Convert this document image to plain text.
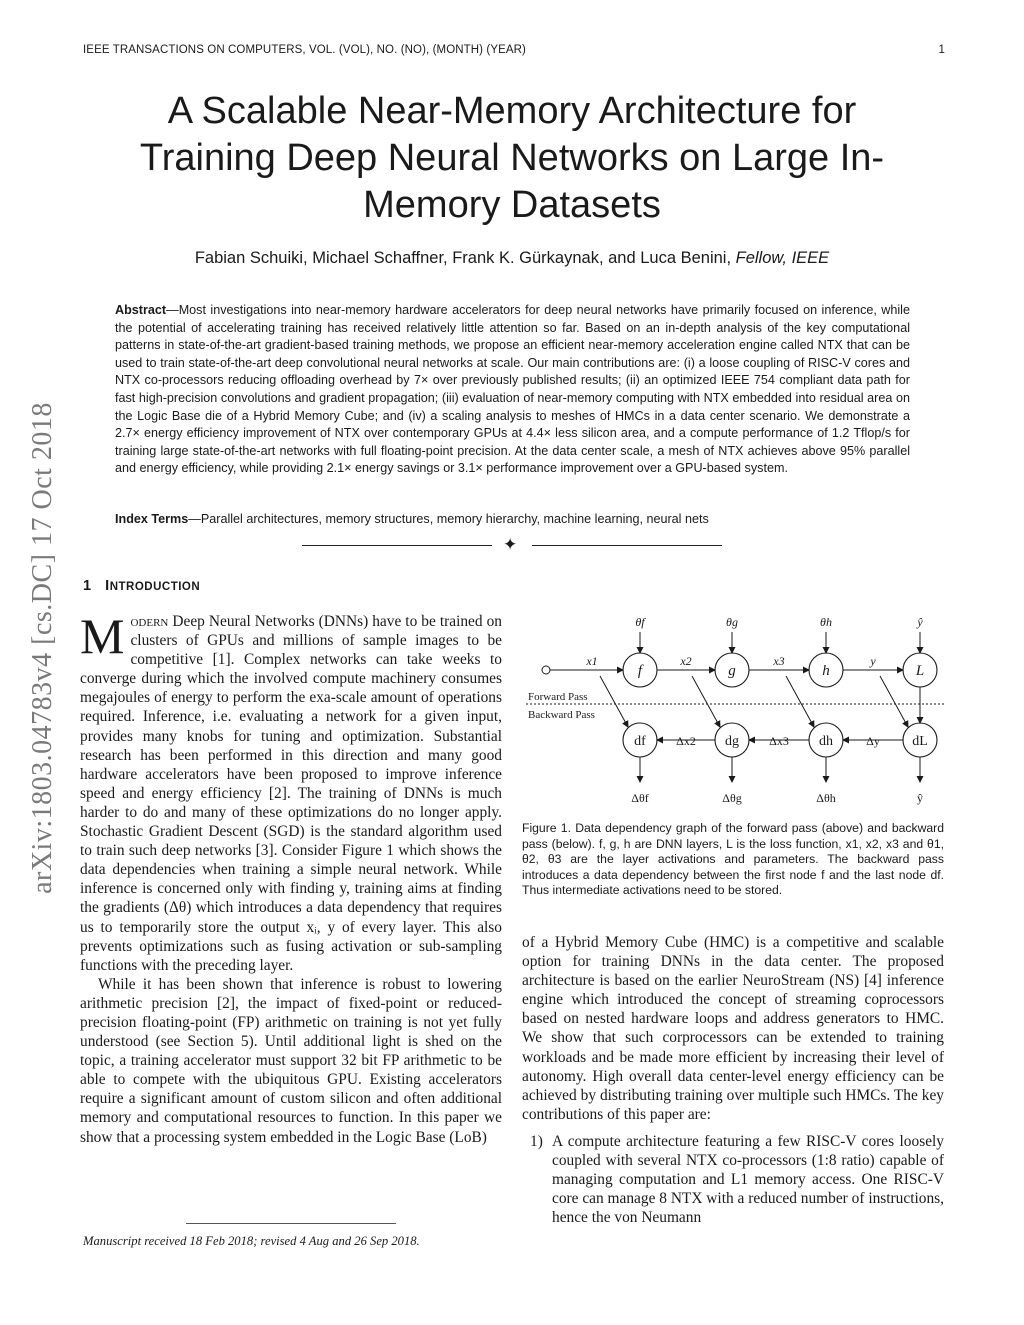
IEEE TRANSACTIONS ON COMPUTERS, VOL. (VOL), NO. (NO), (MONTH) (YEAR)	1
arXiv:1803.04783v4 [cs.DC] 17 Oct 2018
A Scalable Near-Memory Architecture for Training Deep Neural Networks on Large In-Memory Datasets
Fabian Schuiki, Michael Schaffner, Frank K. Gürkaynak, and Luca Benini, Fellow, IEEE

Abstract—Most investigations into near-memory hardware accelerators for deep neural networks have primarily focused on inference, while the potential of accelerating training has received relatively little attention so far. Based on an in-depth analysis of the key computational patterns in state-of-the-art gradient-based training methods, we propose an efficient near-memory acceleration engine called NTX that can be used to train state-of-the-art deep convolutional neural networks at scale. Our main contributions are: (i) a loose coupling of RISC-V cores and NTX co-processors reducing offloading overhead by 7× over previously published results; (ii) an optimized IEEE 754 compliant data path for fast high-precision convolutions and gradient propagation; (iii) evaluation of near-memory computing with NTX embedded into residual area on the Logic Base die of a Hybrid Memory Cube; and (iv) a scaling analysis to meshes of HMCs in a data center scenario. We demonstrate a 2.7× energy efficiency improvement of NTX over contemporary GPUs at 4.4× less silicon area, and a compute performance of 1.2 Tflop/s for training large state-of-the-art networks with full floating-point precision. At the data center scale, a mesh of NTX achieves above 95% parallel and energy efficiency, while providing 2.1× energy savings or 3.1× performance improvement over a GPU-based system.

Index Terms—Parallel architectures, memory structures, memory hierarchy, machine learning, neural nets
✦
1 INTRODUCTION

Modern Deep Neural Networks (DNNs) have to be trained on clusters of GPUs and millions of sample images to be competitive [1]. Complex networks can take weeks to converge during which the involved compute machinery consumes megajoules of energy to perform the exa-scale amount of operations required. Inference, i.e. evaluating a network for a given input, provides many knobs for tuning and optimization. Substantial research has been performed in this direction and many good hardware accelerators have been proposed to improve inference speed and energy efficiency [2]. The training of DNNs is much harder to do and many of these optimizations do no longer apply. Stochastic Gradient Descent (SGD) is the standard algorithm used to train such deep networks [3]. Consider Figure 1 which shows the data dependencies when training a simple neural network. While inference is concerned only with finding y, training aims at finding the gradients (Δθ) which introduces a data dependency that requires us to temporarily store the output xᵢ, y of every layer. This also prevents optimizations such as fusing activation or sub-sampling functions with the preceding layer.

While it has been shown that inference is robust to lowering arithmetic precision [2], the impact of fixed-point or reduced-precision floating-point (FP) arithmetic on training is not yet fully understood (see Section 5). Until additional light is shed on the topic, a training accelerator must support 32 bit FP arithmetic to be able to compete with the ubiquitous GPU. Existing accelerators require a significant amount of custom silicon and often additional memory and computational resources to function. In this paper we show that a processing system embedded in the Logic Base (LoB)

x1	x2	x3	y
θf	θg	θh	ŷ
f	g	h	L
Forward Pass
Backward Pass
Δy
Δx3
Δx2
df	dg	dh	dL
Δθf	Δθg	Δθh	ŷ
Figure 1. Data dependency graph of the forward pass (above) and backward pass (below). f, g, h are DNN layers, L is the loss function, x1, x2, x3 and θ1, θ2, θ3 are the layer activations and parameters. The backward pass introduces a data dependency between the first node f and the last node df. Thus intermediate activations need to be stored.

of a Hybrid Memory Cube (HMC) is a competitive and scalable option for training DNNs in the data center. The proposed architecture is based on the earlier NeuroStream (NS) [4] inference engine which introduced the concept of streaming coprocessors based on nested hardware loops and address generators to HMC. We show that such corprocessors can be extended to training workloads and be made more efficient by increasing their level of autonomy. High overall data center-level energy efficiency can be achieved by distributing training over multiple such HMCs. The key contributions of this paper are:

1) A compute architecture featuring a few RISC-V cores loosely coupled with several NTX co-processors (1:8 ratio) capable of managing computation and L1 memory access. One RISC-V core can manage 8 NTX with a reduced number of instructions, hence the von Neumann
Manuscript received 18 Feb 2018; revised 4 Aug and 26 Sep 2018.
